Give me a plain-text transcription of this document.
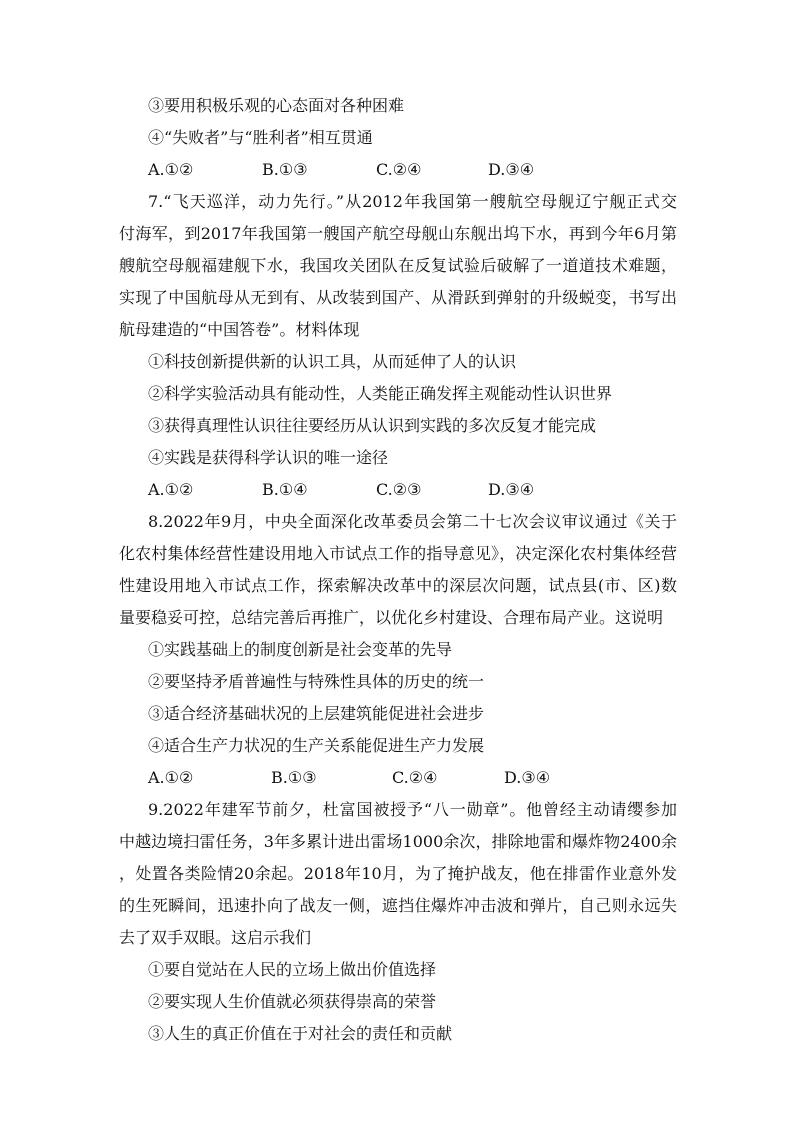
③要用积极乐观的心态面对各种困难
④“失败者”与“胜利者”相互贯通
A.①②	B.①③	C.②④	D.③④
7.“飞天巡洋，动力先行。”从2012年我国第一艘航空母舰辽宁舰正式交
付海军，到2017年我国第一艘国产航空母舰山东舰出坞下水，再到今年6月第
艘航空母舰福建舰下水，我国攻关团队在反复试验后破解了一道道技术难题，
实现了中国航母从无到有、从改装到国产、从滑跃到弹射的升级蜕变，书写出
航母建造的“中国答卷”。材料体现
①科技创新提供新的认识工具，从而延伸了人的认识
②科学实验活动具有能动性，人类能正确发挥主观能动性认识世界
③获得真理性认识往往要经历从认识到实践的多次反复才能完成
④实践是获得科学认识的唯一途径
A.①②	B.①④	C.②③	D.③④
8.2022年9月，中央全面深化改革委员会第二十七次会议审议通过《关于
化农村集体经营性建设用地入市试点工作的指导意见》，决定深化农村集体经营
性建设用地入市试点工作，探索解决改革中的深层次问题，试点县(市、区)数
量要稳妥可控，总结完善后再推广，以优化乡村建设、合理布局产业。这说明
①实践基础上的制度创新是社会变革的先导
②要坚持矛盾普遍性与特殊性具体的历史的统一
③适合经济基础状况的上层建筑能促进社会进步
④适合生产力状况的生产关系能促进生产力发展
A.①②	B.①③	C.②④	D.③④
9.2022年建军节前夕，杜富国被授予“八一勋章”。他曾经主动请缨参加
中越边境扫雷任务，3年多累计进出雷场1000余次，排除地雷和爆炸物2400余
，处置各类险情20余起。2018年10月，为了掩护战友，他在排雷作业意外发
的生死瞬间，迅速扑向了战友一侧，遮挡住爆炸冲击波和弹片，自己则永远失
去了双手双眼。这启示我们
①要自觉站在人民的立场上做出价值选择
②要实现人生价值就必须获得崇高的荣誉
③人生的真正价值在于对社会的责任和贡献
